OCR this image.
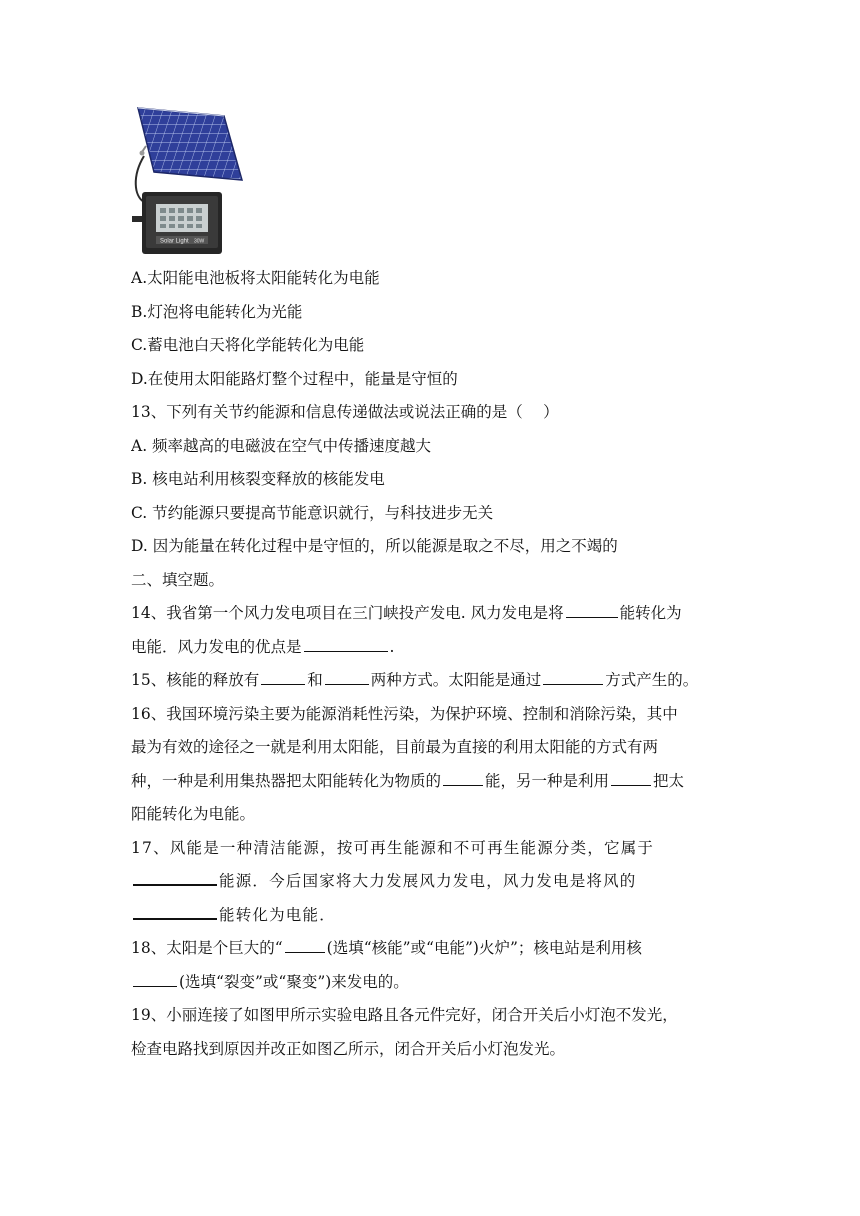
Solar Light 30W
A.太阳能电池板将太阳能转化为电能
B.灯泡将电能转化为光能
C.蓄电池白天将化学能转化为电能
D.在使用太阳能路灯整个过程中，能量是守恒的
13、下列有关节约能源和信息传递做法或说法正确的是（　 ）
A. 频率越高的电磁波在空气中传播速度越大
B. 核电站利用核裂变释放的核能发电
C. 节约能源只要提高节能意识就行，与科技进步无关
D. 因为能量在转化过程中是守恒的，所以能源是取之不尽，用之不竭的
二、填空题。
14、我省第一个风力发电项目在三门峡投产发电. 风力发电是将	能转化为
电能．风力发电的优点是	.
15、核能的释放有	和	两种方式。太阳能是通过	方式产生的。
16、我国环境污染主要为能源消耗性污染，为保护环境、控制和消除污染，其中
最为有效的途径之一就是利用太阳能，目前最为直接的利用太阳能的方式有两
种，一种是利用集热器把太阳能转化为物质的	能，另一种是利用	把太
阳能转化为电能。
17、风能是一种清洁能源，按可再生能源和不可再生能源分类，它属于
能源．今后国家将大力发展风力发电，风力发电是将风的
能转化为电能．
18、太阳是个巨大的“	(选填“核能”或“电能”)火炉”；核电站是利用核
(选填“裂变”或“聚变”)来发电的。
19、小丽连接了如图甲所示实验电路且各元件完好，闭合开关后小灯泡不发光，
检查电路找到原因并改正如图乙所示，闭合开关后小灯泡发光。
